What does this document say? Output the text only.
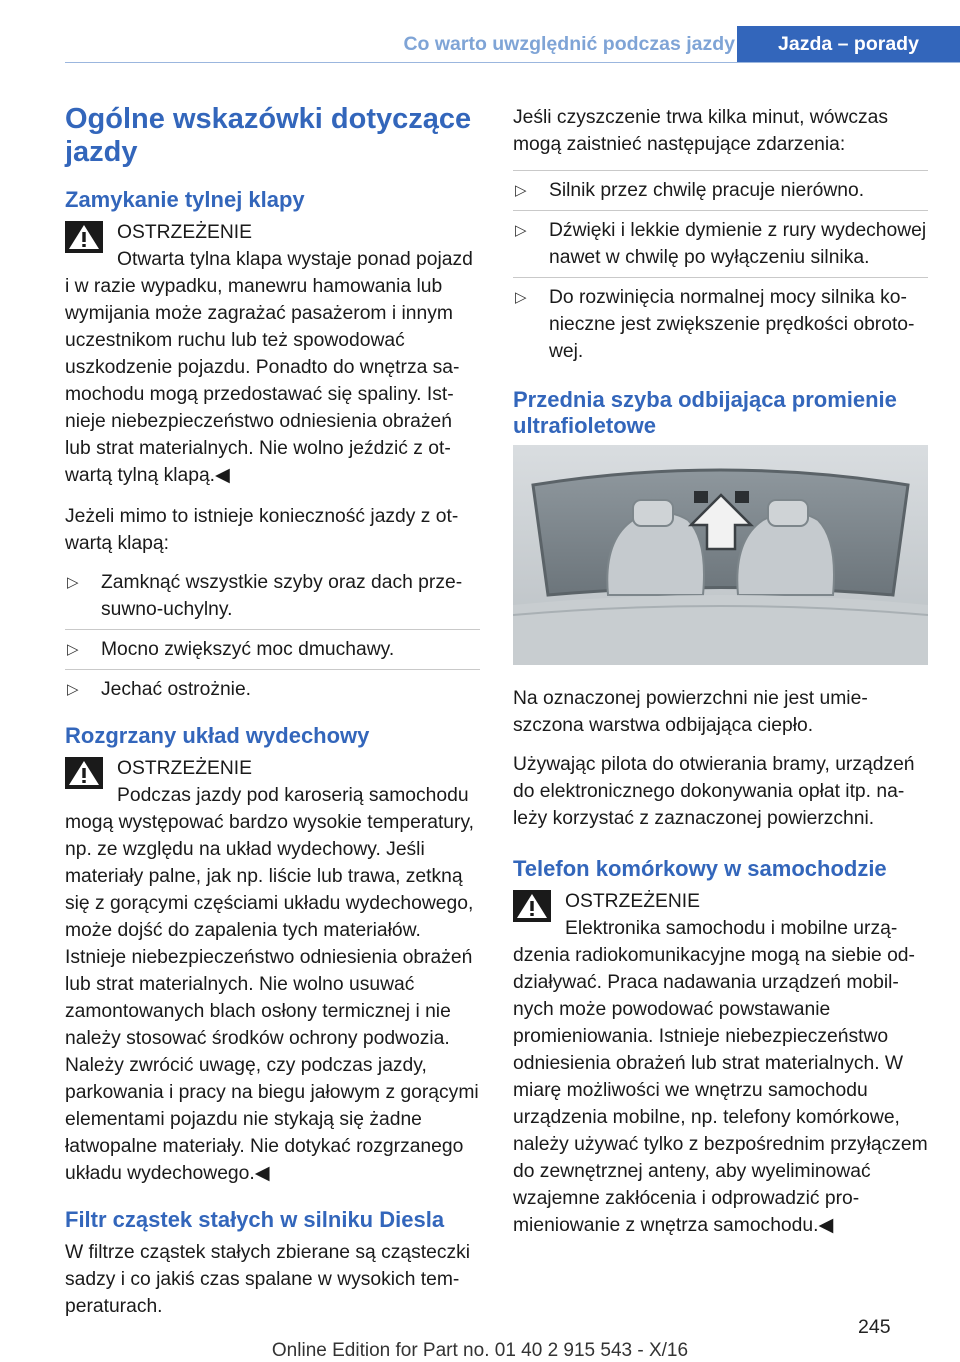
Co warto uwzględnić podczas jazdy	Jazda – porady
Ogólne wskazówki dotyczące jazdy
Zamykanie tylnej klapy
OSTRZEŻENIE
Otwarta tylna klapa wystaje ponad pojazd i w razie wypadku, manewru hamowania lub wymijania może zagrażać pasażerom i innym uczestnikom ruchu lub też spowodować uszkodzenie pojazdu. Ponadto do wnętrza samochodu mogą przedostawać się spaliny. Istnieje niebezpieczeństwo odniesienia obrażeń lub strat materialnych. Nie wolno jeździć z otwartą tylną klapą.◀

Jeżeli mimo to istnieje konieczność jazdy z otwartą klapą:

▷ Zamknąć wszystkie szyby oraz dach przesuwno-uchylny.
▷ Mocno zwiększyć moc dmuchawy.
▷ Jechać ostrożnie.
Rozgrzany układ wydechowy
OSTRZEŻENIE
Podczas jazdy pod karoserią samochodu mogą występować bardzo wysokie temperatury, np. ze względu na układ wydechowy. Jeśli materiały palne, jak np. liście lub trawa, zetkną się z gorącymi częściami układu wydechowego, może dojść do zapalenia tych materiałów. Istnieje niebezpieczeństwo odniesienia obrażeń lub strat materialnych. Nie wolno usuwać zamontowanych blach osłony termicznej i nie należy stosować środków ochrony podwozia. Należy zwrócić uwagę, czy podczas jazdy, parkowania i pracy na biegu jałowym z gorącymi elementami pojazdu nie stykają się żadne łatwopalne materiały. Nie dotykać rozgrzanego układu wydechowego.◀
Filtr cząstek stałych w silniku Diesla

W filtrze cząstek stałych zbierane są cząsteczki sadzy i co jakiś czas spalane w wysokich temperaturach.

Jeśli czyszczenie trwa kilka minut, wówczas mogą zaistnieć następujące zdarzenia:

▷ Silnik przez chwilę pracuje nierówno.
▷ Dźwięki i lekkie dymienie z rury wydechowej nawet w chwilę po wyłączeniu silnika.
▷ Do rozwinięcia normalnej mocy silnika konieczne jest zwiększenie prędkości obrotowej.
Przednia szyba odbijająca promienie ultrafioletowe

Na oznaczonej powierzchni nie jest umieszczona warstwa odbijająca ciepło.

Używając pilota do otwierania bramy, urządzeń do elektronicznego dokonywania opłat itp. należy korzystać z zaznaczonej powierzchni.

Telefon komórkowy w samochodzie
OSTRZEŻENIE
Elektronika samochodu i mobilne urządzenia radiokomunikacyjne mogą na siebie oddziaływać. Praca nadawania urządzeń mobilnych może powodować powstawanie promieniowania. Istnieje niebezpieczeństwo odniesienia obrażeń lub strat materialnych. W miarę możliwości we wnętrzu samochodu urządzenia mobilne, np. telefony komórkowe, należy używać tylko z bezpośrednim przyłączem do zewnętrznej anteny, aby wyeliminować wzajemne zakłócenia i odprowadzić promieniowanie z wnętrza samochodu.◀
245
Online Edition for Part no. 01 40 2 915 543 - X/16
